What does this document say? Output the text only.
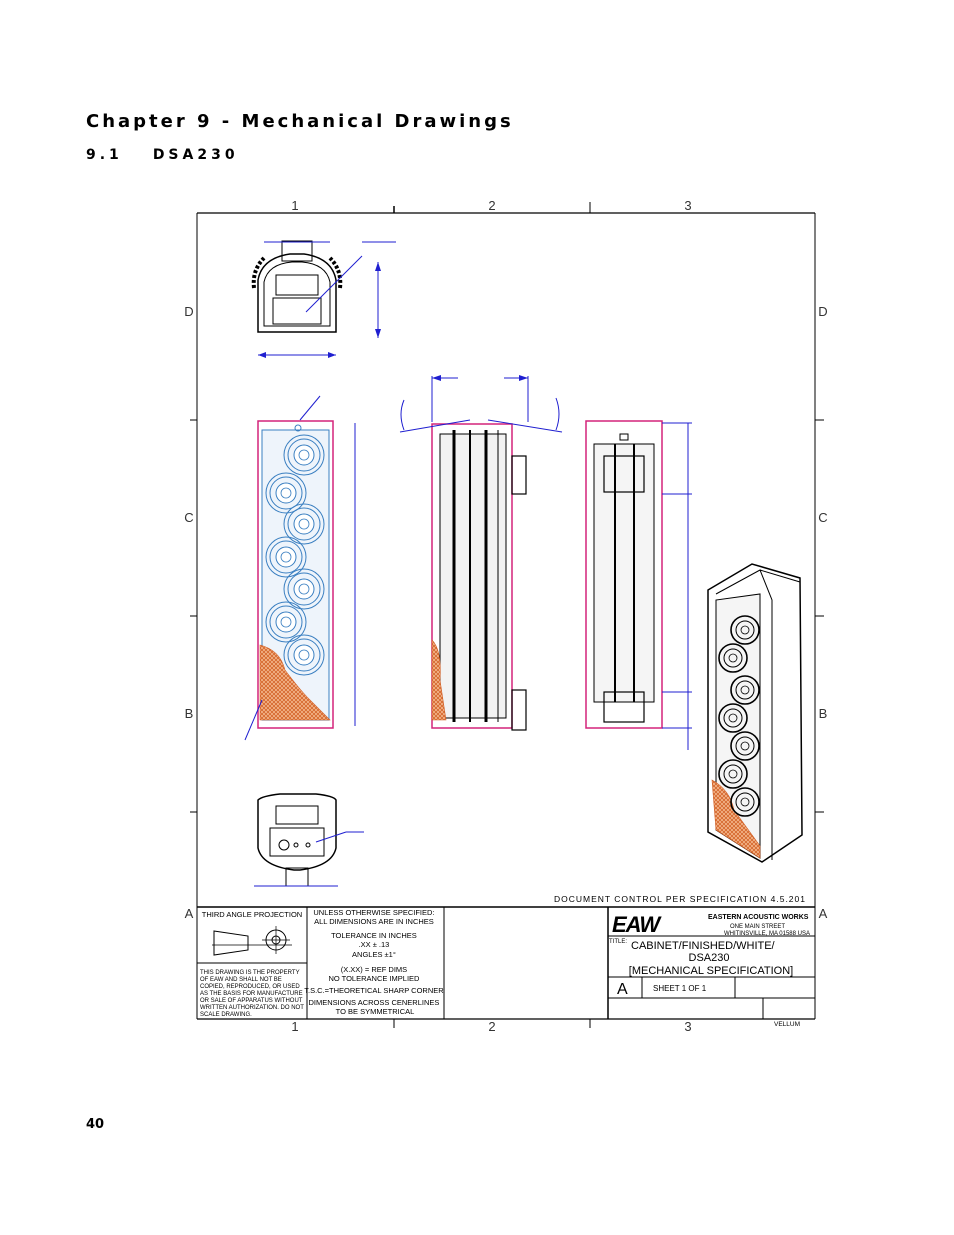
Chapter 9 - Mechanical Drawings
9.1 DSA230
1	2	3
1	2	3
D
C
B
A
D
C
B
A
DOCUMENT CONTROL PER SPECIFICATION 4.5.201
THIRD ANGLE PROJECTION
THIS DRAWING IS THE PROPERTY OF EAW AND SHALL NOT BE COPIED, REPRODUCED, OR USED AS THE BASIS FOR MANUFACTURE OR SALE OF APPARATUS WITHOUT WRITTEN AUTHORIZATION. DO NOT SCALE DRAWING.
UNLESS OTHERWISE SPECIFIED: ALL DIMENSIONS ARE IN INCHES TOLERANCE IN INCHES .XX ± .13 ANGLES ±1° (X.XX) = REF DIMS NO TOLERANCE IMPLIED T.S.C.=THEORETICAL SHARP CORNER DIMENSIONS ACROSS CENERLINES TO BE SYMMETRICAL
EAW	EASTERN ACOUSTIC WORKS
ONE MAIN STREET
WHITINSVILLE, MA 01588 USA
TITLE: CABINET/FINISHED/WHITE/
DSA230
[MECHANICAL SPECIFICATION]
A	SHEET 1 OF 1
VELLUM
40
